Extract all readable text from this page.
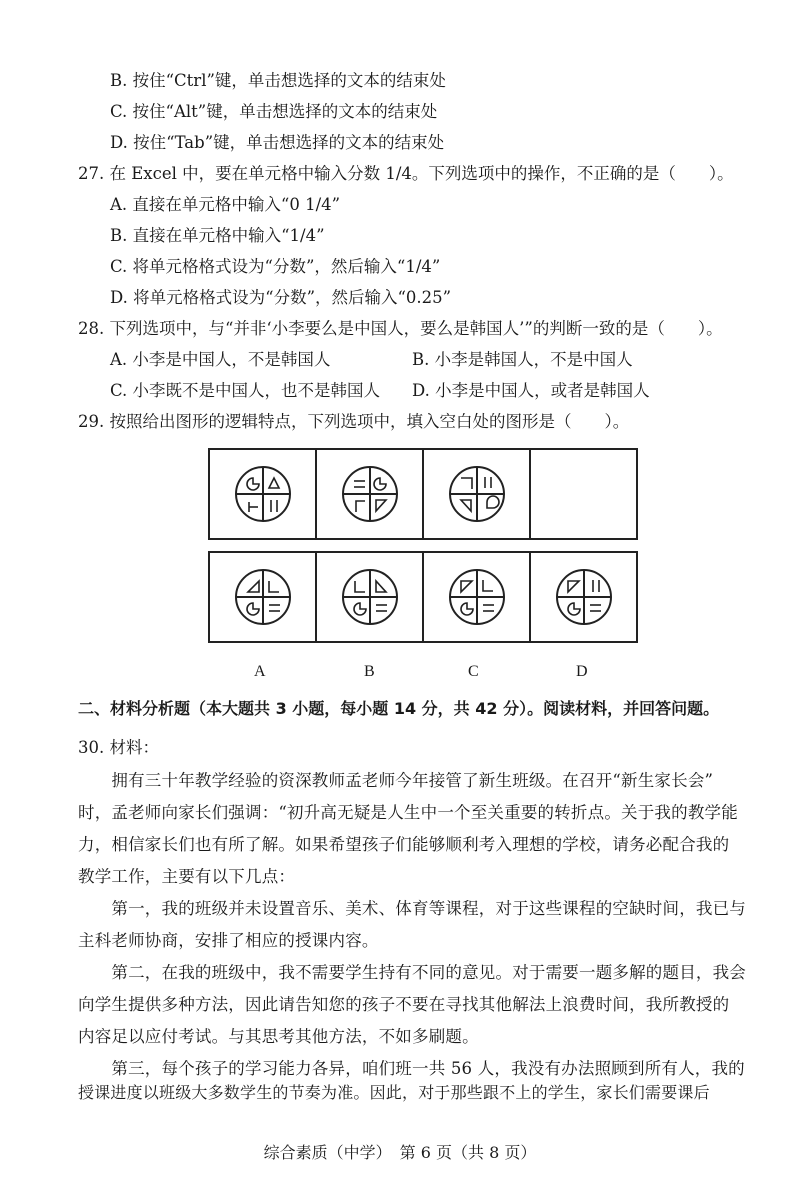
B. 按住“Ctrl”键，单击想选择的文本的结束处
C. 按住“Alt”键，单击想选择的文本的结束处
D. 按住“Tab”键，单击想选择的文本的结束处
27. 在 Excel 中，要在单元格中输入分数 1/4。下列选项中的操作，不正确的是（　　）。
A. 直接在单元格中输入“0 1/4”
B. 直接在单元格中输入“1/4”
C. 将单元格格式设为“分数”，然后输入“1/4”
D. 将单元格格式设为“分数”，然后输入“0.25”
28. 下列选项中，与“并非‘小李要么是中国人，要么是韩国人’”的判断一致的是（　　）。
A. 小李是中国人，不是韩国人	B. 小李是韩国人，不是中国人
C. 小李既不是中国人，也不是韩国人 D. 小李是中国人，或者是韩国人
29. 按照给出图形的逻辑特点，下列选项中，填入空白处的图形是（　　）。
A	B	C	D
二、材料分析题（本大题共 3 小题，每小题 14 分，共 42 分）。阅读材料，并回答问题。
30. 材料：
　　拥有三十年教学经验的资深教师孟老师今年接管了新生班级。在召开“新生家长会”
时，孟老师向家长们强调：“初升高无疑是人生中一个至关重要的转折点。关于我的教学能
力，相信家长们也有所了解。如果希望孩子们能够顺利考入理想的学校，请务必配合我的
教学工作，主要有以下几点：
　　第一，我的班级并未设置音乐、美术、体育等课程，对于这些课程的空缺时间，我已与
主科老师协商，安排了相应的授课内容。
　　第二，在我的班级中，我不需要学生持有不同的意见。对于需要一题多解的题目，我会
向学生提供多种方法，因此请告知您的孩子不要在寻找其他解法上浪费时间，我所教授的
内容足以应付考试。与其思考其他方法，不如多刷题。
　　第三，每个孩子的学习能力各异，咱们班一共 56 人，我没有办法照顾到所有人，我的
授课进度以班级大多数学生的节奏为准。因此，对于那些跟不上的学生，家长们需要课后
综合素质（中学）　第 6 页（共 8 页）
